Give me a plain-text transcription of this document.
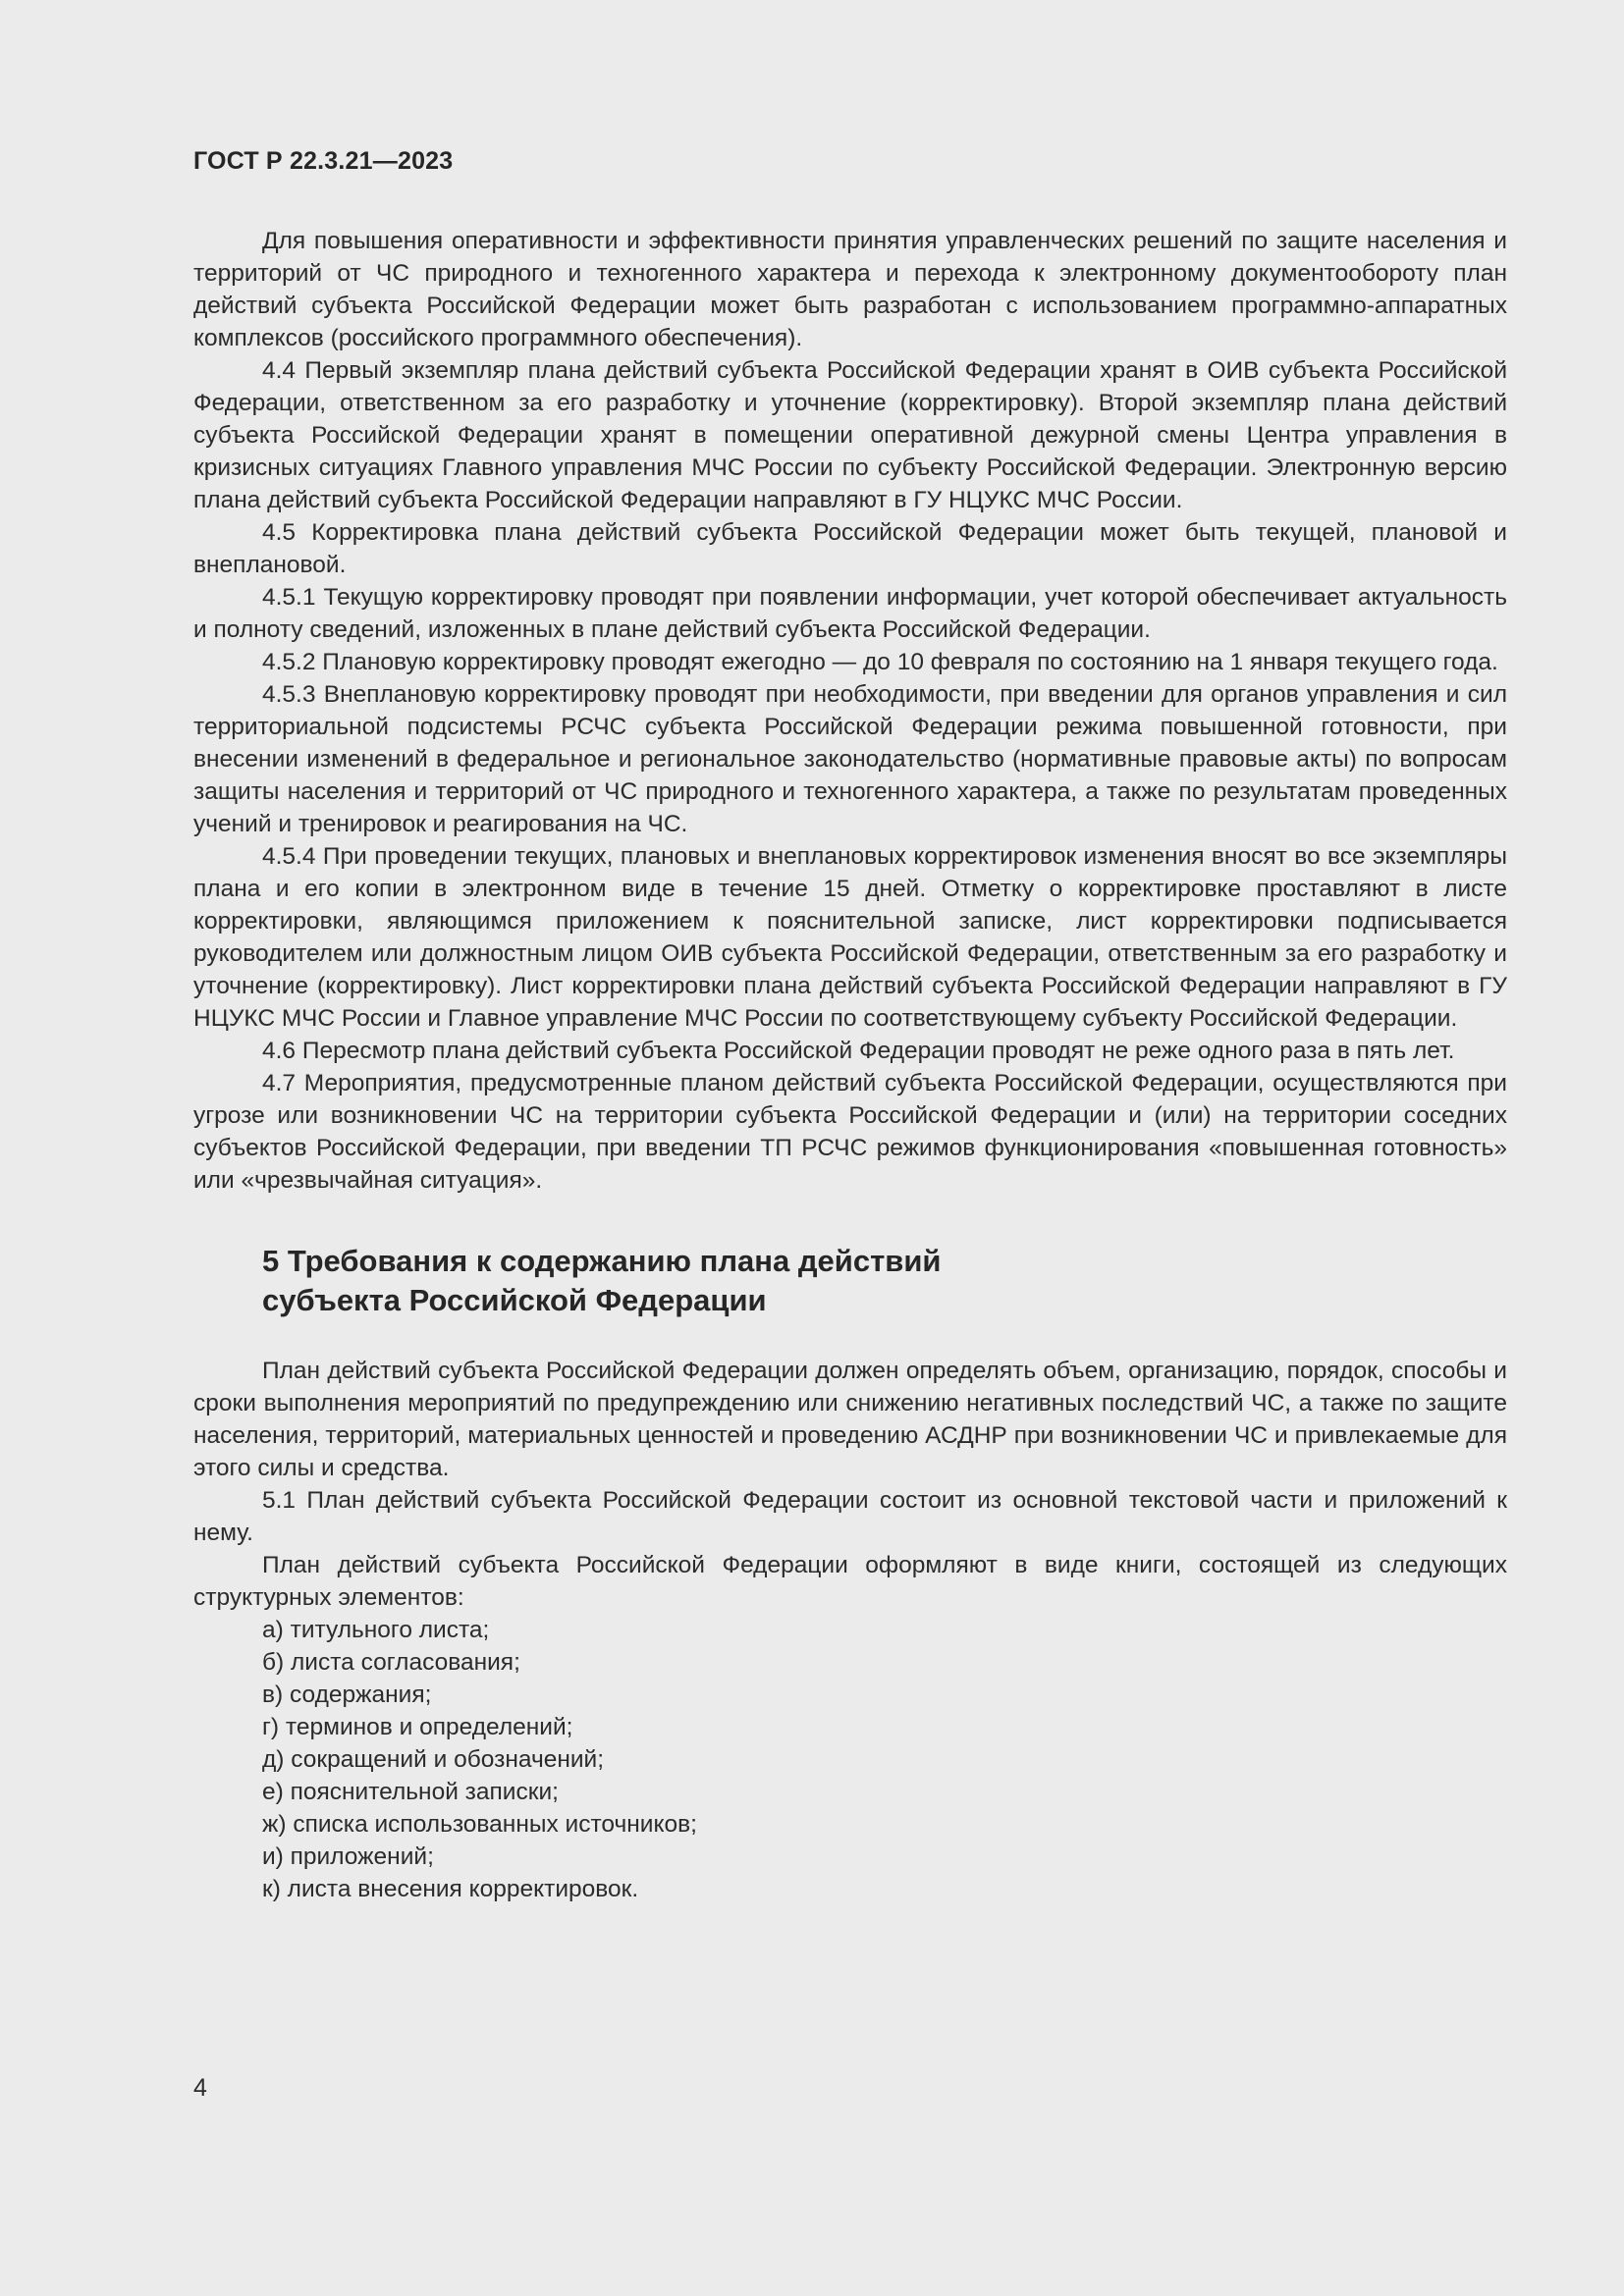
ГОСТ Р 22.3.21—2023

Для повышения оперативности и эффективности принятия управленческих решений по защите населения и территорий от ЧС природного и техногенного характера и перехода к электронному документообороту план действий субъекта Российской Федерации может быть разработан с использованием программно-аппаратных комплексов (российского программного обеспечения).

4.4 Первый экземпляр плана действий субъекта Российской Федерации хранят в ОИВ субъекта Российской Федерации, ответственном за его разработку и уточнение (корректировку). Второй экземпляр плана действий субъекта Российской Федерации хранят в помещении оперативной дежурной смены Центра управления в кризисных ситуациях Главного управления МЧС России по субъекту Российской Федерации. Электронную версию плана действий субъекта Российской Федерации направляют в ГУ НЦУКС МЧС России.

4.5 Корректировка плана действий субъекта Российской Федерации может быть текущей, плановой и внеплановой.

4.5.1 Текущую корректировку проводят при появлении информации, учет которой обеспечивает актуальность и полноту сведений, изложенных в плане действий субъекта Российской Федерации.

4.5.2 Плановую корректировку проводят ежегодно — до 10 февраля по состоянию на 1 января текущего года.

4.5.3 Внеплановую корректировку проводят при необходимости, при введении для органов управления и сил территориальной подсистемы РСЧС субъекта Российской Федерации режима повышенной готовности, при внесении изменений в федеральное и региональное законодательство (нормативные правовые акты) по вопросам защиты населения и территорий от ЧС природного и техногенного характера, а также по результатам проведенных учений и тренировок и реагирования на ЧС.

4.5.4 При проведении текущих, плановых и внеплановых корректировок изменения вносят во все экземпляры плана и его копии в электронном виде в течение 15 дней. Отметку о корректировке проставляют в листе корректировки, являющимся приложением к пояснительной записке, лист корректировки подписывается руководителем или должностным лицом ОИВ субъекта Российской Федерации, ответственным за его разработку и уточнение (корректировку). Лист корректировки плана действий субъекта Российской Федерации направляют в ГУ НЦУКС МЧС России и Главное управление МЧС России по соответствующему субъекту Российской Федерации.

4.6 Пересмотр плана действий субъекта Российской Федерации проводят не реже одного раза в пять лет.

4.7 Мероприятия, предусмотренные планом действий субъекта Российской Федерации, осуществляются при угрозе или возникновении ЧС на территории субъекта Российской Федерации и (или) на территории соседних субъектов Российской Федерации, при введении ТП РСЧС режимов функционирования «повышенная готовность» или «чрезвычайная ситуация».

5 Требования к содержанию плана действий
субъекта Российской Федерации

План действий субъекта Российской Федерации должен определять объем, организацию, порядок, способы и сроки выполнения мероприятий по предупреждению или снижению негативных последствий ЧС, а также по защите населения, территорий, материальных ценностей и проведению АСДНР при возникновении ЧС и привлекаемые для этого силы и средства.

5.1 План действий субъекта Российской Федерации состоит из основной текстовой части и приложений к нему.

План действий субъекта Российской Федерации оформляют в виде книги, состоящей из следующих структурных элементов:

а) титульного листа;

б) листа согласования;

в) содержания;

г) терминов и определений;

д) сокращений и обозначений;

е) пояснительной записки;

ж) списка использованных источников;

и) приложений;

к) листа внесения корректировок.

4
